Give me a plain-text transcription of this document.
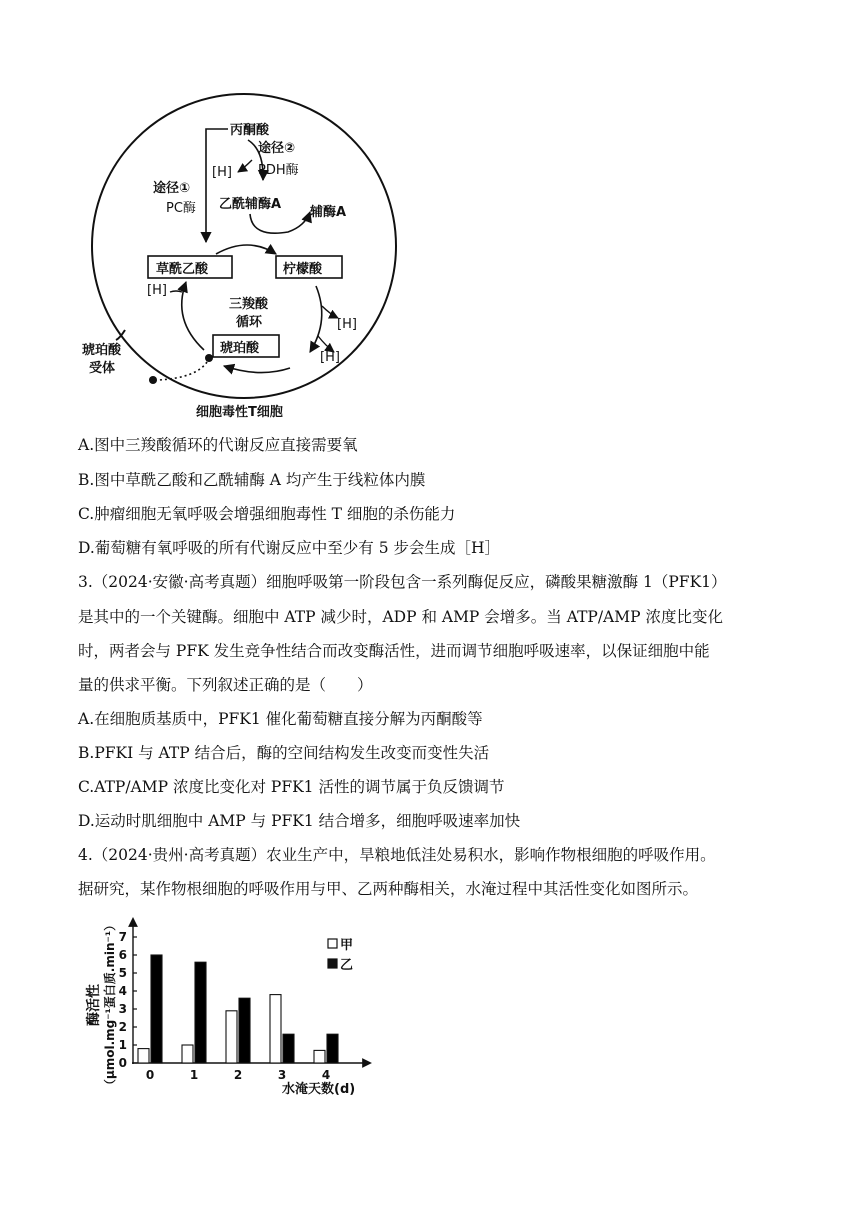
丙酮酸
途径②
PDH酶
[H]
途径①
PC酶 乙酰辅酶A
辅酶A
草酰乙酸	柠檬酸
琥珀酸
[H]
[H]
[H]
三羧酸
循环
琥珀酸
受体
细胞毒性T细胞
A.图中三羧酸循环的代谢反应直接需要氧
B.图中草酰乙酸和乙酰辅酶 A 均产生于线粒体内膜
C.肿瘤细胞无氧呼吸会增强细胞毒性 T 细胞的杀伤能力
D.葡萄糖有氧呼吸的所有代谢反应中至少有 5 步会生成［H］
3.（2024·安徽·高考真题）细胞呼吸第一阶段包含一系列酶促反应，磷酸果糖激酶 1（PFK1）
是其中的一个关键酶。细胞中 ATP 减少时，ADP 和 AMP 会增多。当 ATP/AMP 浓度比变化
时，两者会与 PFK 发生竞争性结合而改变酶活性，进而调节细胞呼吸速率，以保证细胞中能
量的供求平衡。下列叙述正确的是（　　）
A.在细胞质基质中，PFK1 催化葡萄糖直接分解为丙酮酸等
B.PFKI 与 ATP 结合后，酶的空间结构发生改变而变性失活
C.ATP/AMP 浓度比变化对 PFK1 活性的调节属于负反馈调节
D.运动时肌细胞中 AMP 与 PFK1 结合增多，细胞呼吸速率加快
4.（2024·贵州·高考真题）农业生产中，旱粮地低洼处易积水，影响作物根细胞的呼吸作用。
据研究，某作物根细胞的呼吸作用与甲、乙两种酶相关，水淹过程中其活性变化如图所示。
0
1
2
3
4
5
6
7
0	1	2	3	4
酶活性 （μmol.mg⁻¹蛋白质.min⁻¹）	水淹天数(d)
甲
乙
